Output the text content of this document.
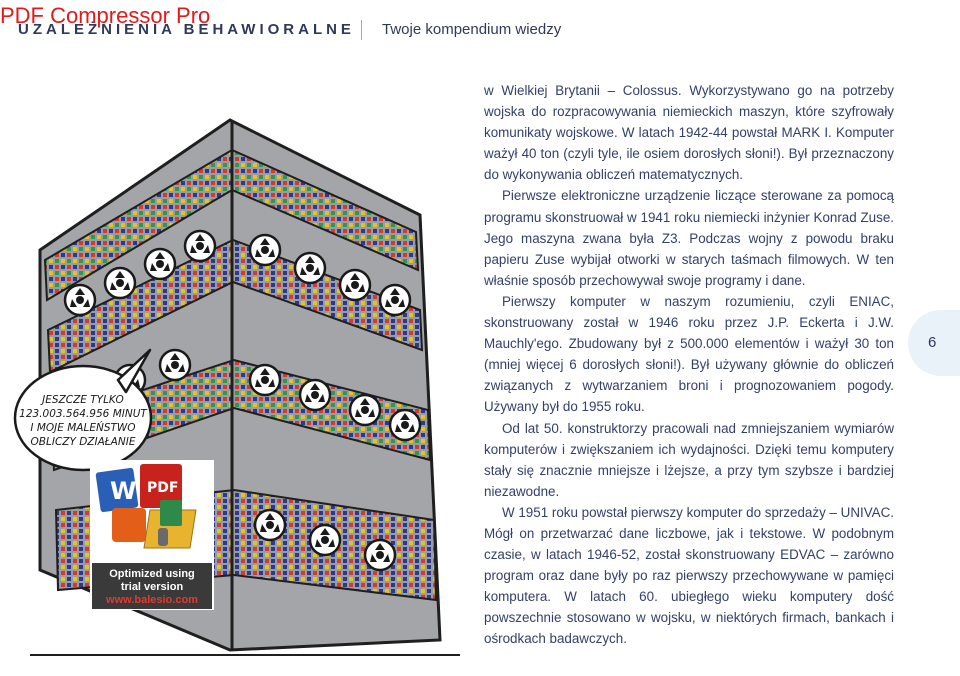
UZALEŻNIENIA BEHAWIORALNE Twoje kompendium wiedzy
PDF Compressor Pro
JESZCZE TYLKO
123.003.564.956 MINUT
I MOJE MALEŃSTWO
OBLICZY DZIAŁANIE
W PDF
Optimized using
trial version
www.balesio.com

w Wielkiej Brytanii – Colossus. Wykorzystywano go na potrzeby wojska do rozpracowywania niemieckich maszyn, które szyfrowały komunikaty wojskowe. W latach 1942-44 powstał MARK I. Komputer ważył 40 ton (czyli tyle, ile osiem dorosłych słoni!). Był przeznaczony do wykonywania obliczeń matematycznych.

Pierwsze elektroniczne urządzenie liczące sterowane za pomocą programu skonstruował w 1941 roku niemiecki inżynier Konrad Zuse. Jego maszyna zwana była Z3. Podczas wojny z powodu braku papieru Zuse wybijał otworki w starych taśmach filmowych. W ten właśnie sposób przechowywał swoje programy i dane.

Pierwszy komputer w naszym rozumieniu, czyli ENIAC, skonstruowany został w 1946 roku przez J.P. Eckerta i J.W. Mauchly'ego. Zbudowany był z 500.000 elementów i ważył 30 ton (mniej więcej 6 dorosłych słoni!). Był używany głównie do obliczeń związanych z wytwarzaniem broni i prognozowaniem pogody. Używany był do 1955 roku.

Od lat 50. konstruktorzy pracowali nad zmniejszaniem wymiarów komputerów i zwiększaniem ich wydajności. Dzięki temu komputery stały się znacznie mniejsze i lżejsze, a przy tym szybsze i bardziej niezawodne.

W 1951 roku powstał pierwszy komputer do sprzedaży – UNIVAC. Mógł on przetwarzać dane liczbowe, jak i tekstowe. W podobnym czasie, w latach 1946-52, został skonstruowany EDVAC – zarówno program oraz dane były po raz pierwszy przechowywane w pamięci komputera. W latach 60. ubiegłego wieku komputery dość powszechnie stosowano w wojsku, w niektórych firmach, bankach i ośrodkach badawczych.

6
